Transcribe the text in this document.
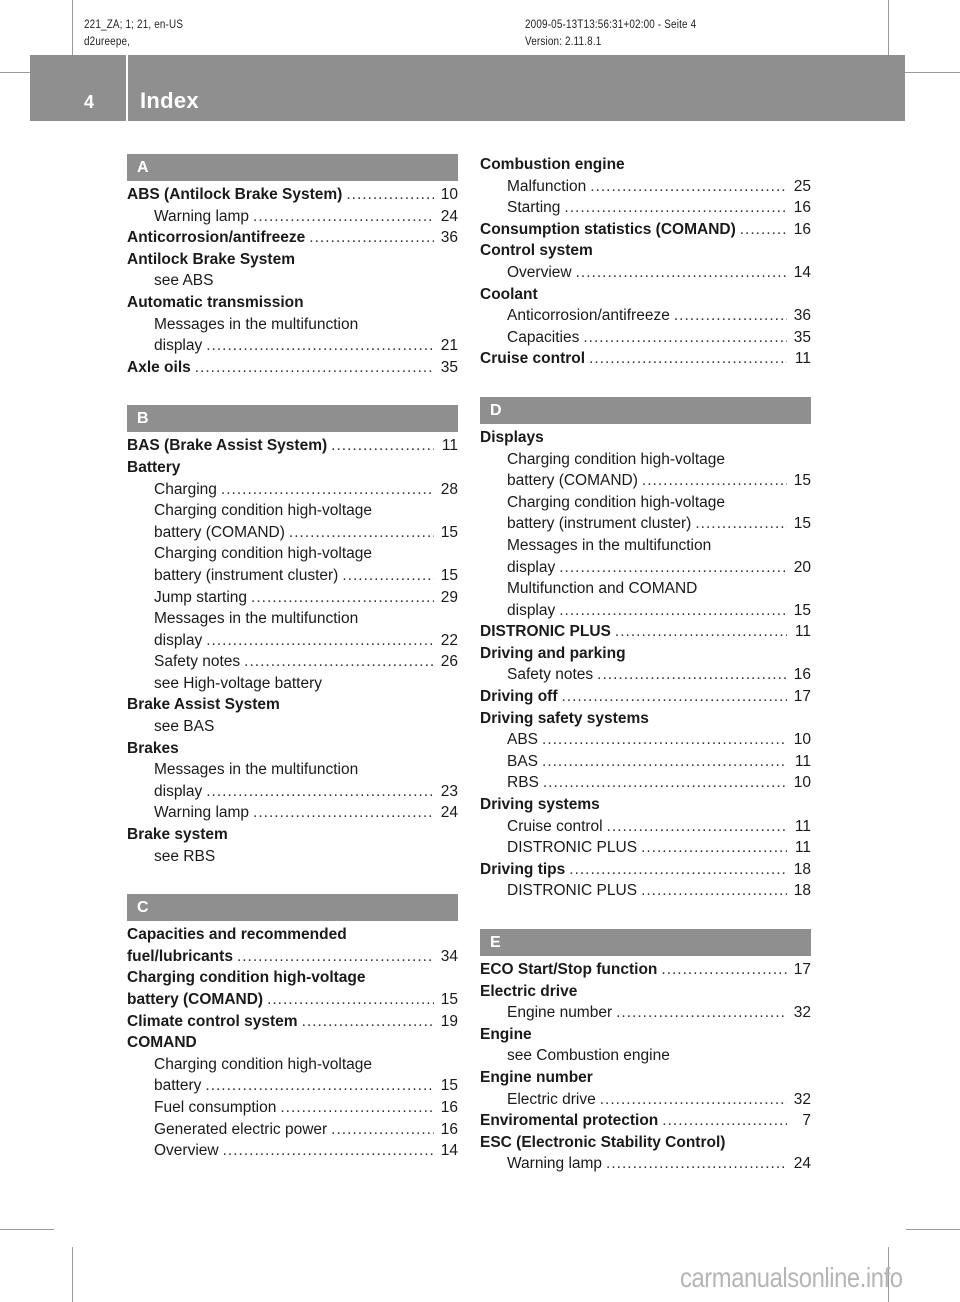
221_ZA; 1; 21, en-US
d2ureepe,
2009-05-13T13:56:31+02:00 - Seite 4
Version: 2.11.8.1
4 Index
A
ABS (Antilock Brake System) .....	10
Warning lamp .....	24
Anticorrosion/antifreeze .....	36
Antilock Brake System
see ABS
Automatic transmission
Messages in the multifunction
display .....	21
Axle oils .....	35
B
BAS (Brake Assist System) .....	11
Battery
Charging .....	28
Charging condition high-voltage
battery (COMAND) .....	15
Charging condition high-voltage
battery (instrument cluster) .....	15
Jump starting .....	29
Messages in the multifunction
display .....	22
Safety notes .....	26
see High-voltage battery
Brake Assist System
see BAS
Brakes
Messages in the multifunction
display .....	23
Warning lamp .....	24
Brake system
see RBS
C
Capacities and recommended
fuel/lubricants .....	34
Charging condition high-voltage
battery (COMAND) .....	15
Climate control system .....	19
COMAND
Charging condition high-voltage
battery .....	15
Fuel consumption .....	16
Generated electric power .....	16
Overview .....	14
Combustion engine
Malfunction .....	25
Starting .....	16
Consumption statistics (COMAND) .....	16
Control system
Overview .....	14
Coolant
Anticorrosion/antifreeze .....	36
Capacities .....	35
Cruise control .....	11
D
Displays
Charging condition high-voltage
battery (COMAND) .....	15
Charging condition high-voltage
battery (instrument cluster) .....	15
Messages in the multifunction
display .....	20
Multifunction and COMAND
display .....	15
DISTRONIC PLUS .....	11
Driving and parking
Safety notes .....	16
Driving off .....	17
Driving safety systems
ABS .....	10
BAS .....	11
RBS .....	10
Driving systems
Cruise control .....	11
DISTRONIC PLUS .....	11
Driving tips .....	18
DISTRONIC PLUS .....	18
E
ECO Start/Stop function .....	17
Electric drive
Engine number .....	32
Engine
see Combustion engine
Engine number
Electric drive .....	32
Enviromental protection .....	7
ESC (Electronic Stability Control)
Warning lamp .....	24
carmanualsonline.info
